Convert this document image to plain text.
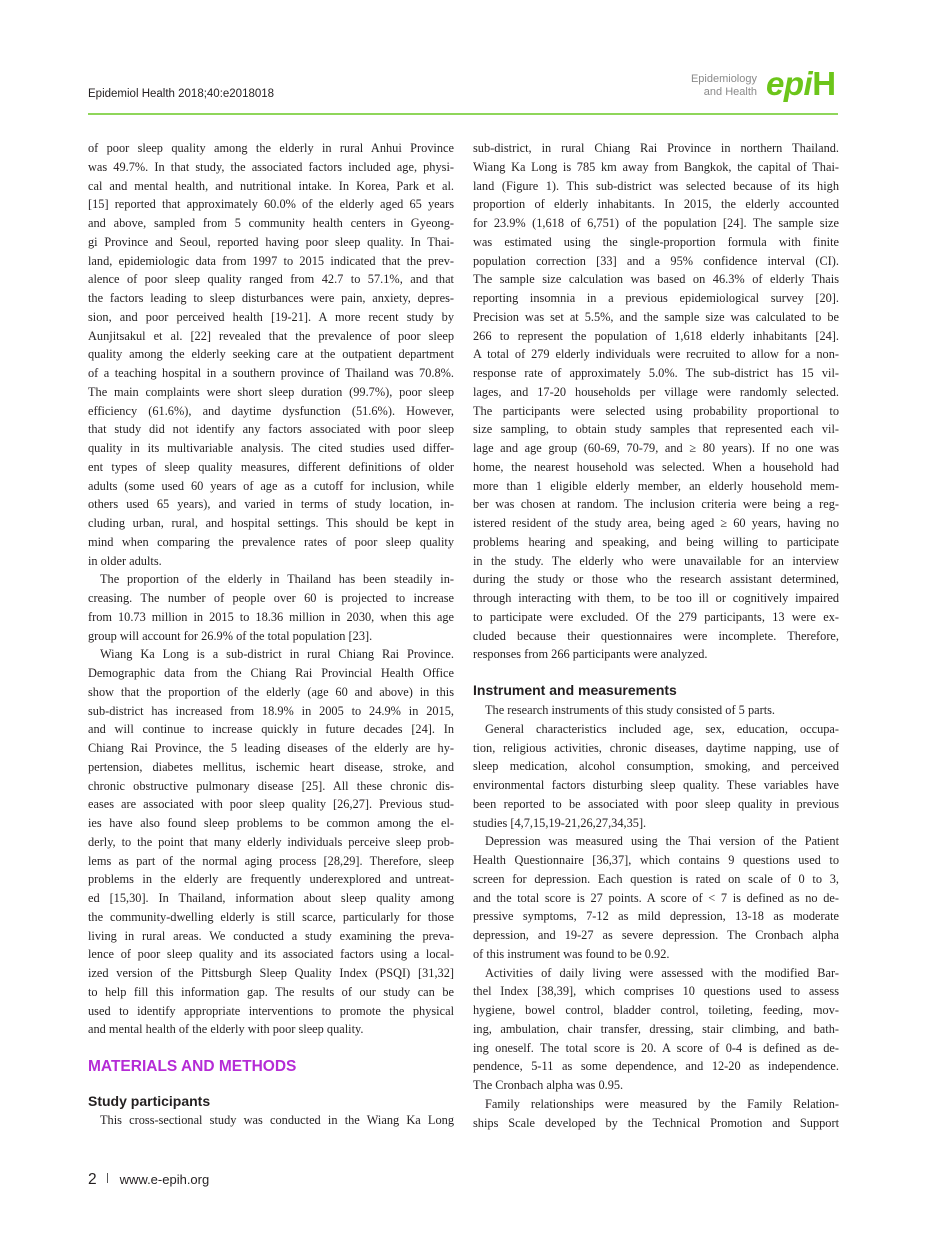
Epidemiol Health 2018;40:e2018018
Epidemiology
and Health epiH
of poor sleep quality among the elderly in rural Anhui Province
was 49.7%. In that study, the associated factors included age, physi-
cal and mental health, and nutritional intake. In Korea, Park et al.
[15] reported that approximately 60.0% of the elderly aged 65 years
and above, sampled from 5 community health centers in Gyeong-
gi Province and Seoul, reported having poor sleep quality. In Thai-
land, epidemiologic data from 1997 to 2015 indicated that the prev-
alence of poor sleep quality ranged from 42.7 to 57.1%, and that
the factors leading to sleep disturbances were pain, anxiety, depres-
sion, and poor perceived health [19-21]. A more recent study by
Aunjitsakul et al. [22] revealed that the prevalence of poor sleep
quality among the elderly seeking care at the outpatient department
of a teaching hospital in a southern province of Thailand was 70.8%.
The main complaints were short sleep duration (99.7%), poor sleep
efficiency (61.6%), and daytime dysfunction (51.6%). However,
that study did not identify any factors associated with poor sleep
quality in its multivariable analysis. The cited studies used differ-
ent types of sleep quality measures, different definitions of older
adults (some used 60 years of age as a cutoff for inclusion, while
others used 65 years), and varied in terms of study location, in-
cluding urban, rural, and hospital settings. This should be kept in
mind when comparing the prevalence rates of poor sleep quality
in older adults.
The proportion of the elderly in Thailand has been steadily in-
creasing. The number of people over 60 is projected to increase
from 10.73 million in 2015 to 18.36 million in 2030, when this age
group will account for 26.9% of the total population [23].
Wiang Ka Long is a sub-district in rural Chiang Rai Province.
Demographic data from the Chiang Rai Provincial Health Office
show that the proportion of the elderly (age 60 and above) in this
sub-district has increased from 18.9% in 2005 to 24.9% in 2015,
and will continue to increase quickly in future decades [24]. In
Chiang Rai Province, the 5 leading diseases of the elderly are hy-
pertension, diabetes mellitus, ischemic heart disease, stroke, and
chronic obstructive pulmonary disease [25]. All these chronic dis-
eases are associated with poor sleep quality [26,27]. Previous stud-
ies have also found sleep problems to be common among the el-
derly, to the point that many elderly individuals perceive sleep prob-
lems as part of the normal aging process [28,29]. Therefore, sleep
problems in the elderly are frequently underexplored and untreat-
ed [15,30]. In Thailand, information about sleep quality among
the community-dwelling elderly is still scarce, particularly for those
living in rural areas. We conducted a study examining the preva-
lence of poor sleep quality and its associated factors using a local-
ized version of the Pittsburgh Sleep Quality Index (PSQI) [31,32]
to help fill this information gap. The results of our study can be
used to identify appropriate interventions to promote the physical
and mental health of the elderly with poor sleep quality.
MATERIALS AND METHODS
Study participants
This cross-sectional study was conducted in the Wiang Ka Long
sub-district, in rural Chiang Rai Province in northern Thailand.
Wiang Ka Long is 785 km away from Bangkok, the capital of Thai-
land (Figure 1). This sub-district was selected because of its high
proportion of elderly inhabitants. In 2015, the elderly accounted
for 23.9% (1,618 of 6,751) of the population [24]. The sample size
was estimated using the single-proportion formula with finite
population correction [33] and a 95% confidence interval (CI).
The sample size calculation was based on 46.3% of elderly Thais
reporting insomnia in a previous epidemiological survey [20].
Precision was set at 5.5%, and the sample size was calculated to be
266 to represent the population of 1,618 elderly inhabitants [24].
A total of 279 elderly individuals were recruited to allow for a non-
response rate of approximately 5.0%. The sub-district has 15 vil-
lages, and 17-20 households per village were randomly selected.
The participants were selected using probability proportional to
size sampling, to obtain study samples that represented each vil-
lage and age group (60-69, 70-79, and ≥ 80 years). If no one was
home, the nearest household was selected. When a household had
more than 1 eligible elderly member, an elderly household mem-
ber was chosen at random. The inclusion criteria were being a reg-
istered resident of the study area, being aged ≥ 60 years, having no
problems hearing and speaking, and being willing to participate
in the study. The elderly who were unavailable for an interview
during the study or those who the research assistant determined,
through interacting with them, to be too ill or cognitively impaired
to participate were excluded. Of the 279 participants, 13 were ex-
cluded because their questionnaires were incomplete. Therefore,
responses from 266 participants were analyzed.
Instrument and measurements
The research instruments of this study consisted of 5 parts.
General characteristics included age, sex, education, occupa-
tion, religious activities, chronic diseases, daytime napping, use of
sleep medication, alcohol consumption, smoking, and perceived
environmental factors disturbing sleep quality. These variables have
been reported to be associated with poor sleep quality in previous
studies [4,7,15,19-21,26,27,34,35].
Depression was measured using the Thai version of the Patient
Health Questionnaire [36,37], which contains 9 questions used to
screen for depression. Each question is rated on scale of 0 to 3,
and the total score is 27 points. A score of < 7 is defined as no de-
pressive symptoms, 7-12 as mild depression, 13-18 as moderate
depression, and 19-27 as severe depression. The Cronbach alpha
of this instrument was found to be 0.92.
Activities of daily living were assessed with the modified Bar-
thel Index [38,39], which comprises 10 questions used to assess
hygiene, bowel control, bladder control, toileting, feeding, mov-
ing, ambulation, chair transfer, dressing, stair climbing, and bath-
ing oneself. The total score is 20. A score of 0-4 is defined as de-
pendence, 5-11 as some dependence, and 12-20 as independence.
The Cronbach alpha was 0.95.
Family relationships were measured by the Family Relation-
ships Scale developed by the Technical Promotion and Support
2 www.e-epih.org
